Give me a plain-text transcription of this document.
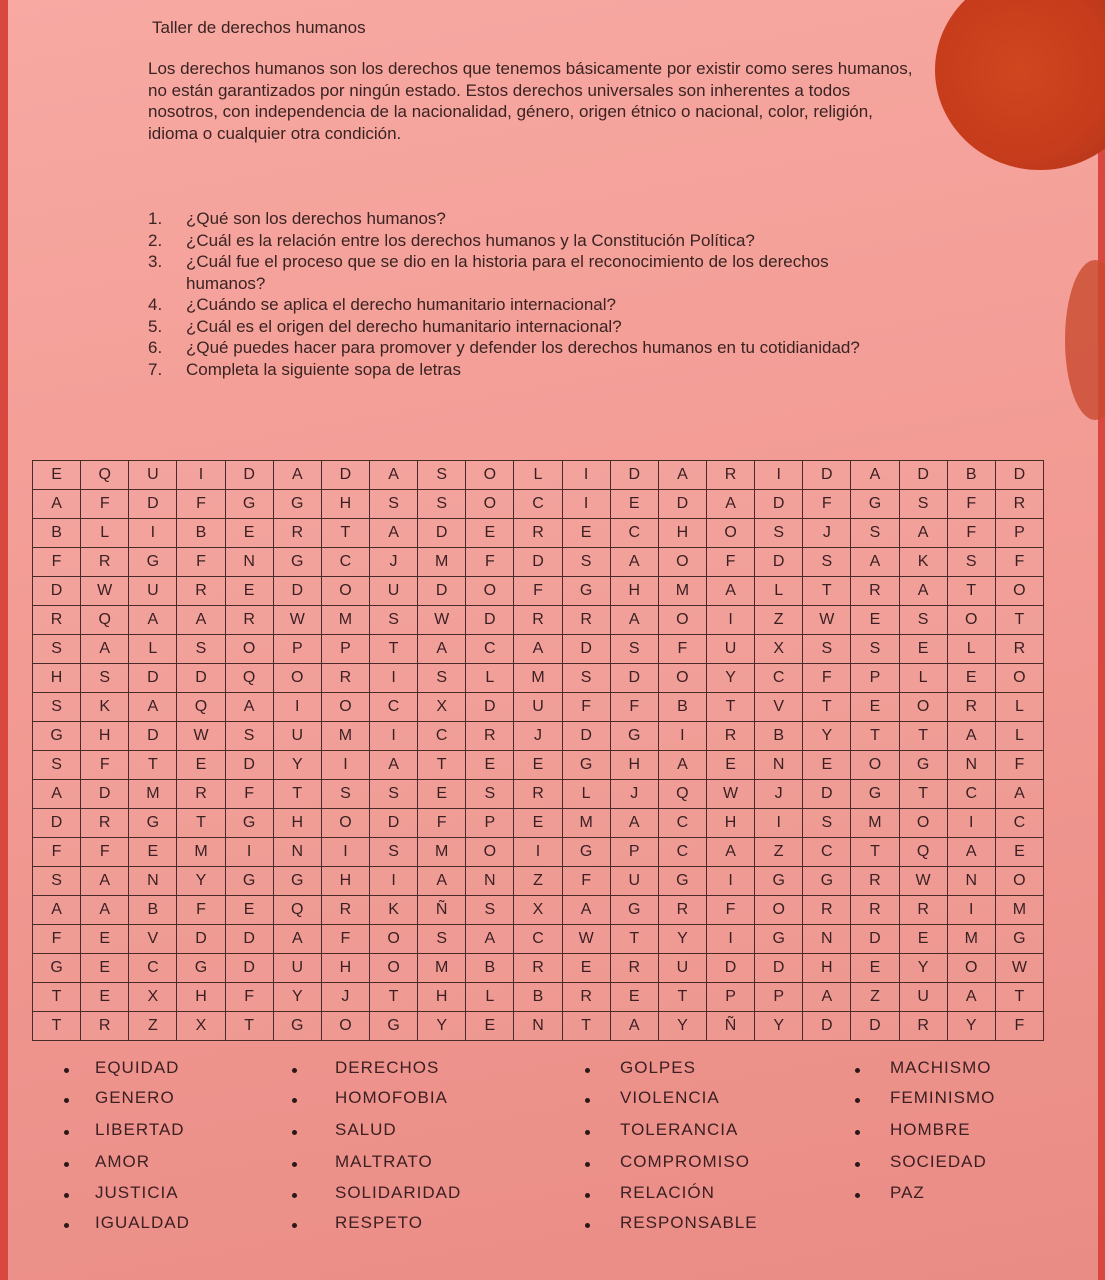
Taller de derechos humanos

Los derechos humanos son los derechos que tenemos básicamente por existir como seres humanos, no están garantizados por ningún estado. Estos derechos universales son inherentes a todos nosotros, con independencia de la nacionalidad, género, origen étnico o nacional, color, religión, idioma o cualquier otra condición.

1.	¿Qué son los derechos humanos?
2.	¿Cuál es la relación entre los derechos humanos y la Constitución Política?
3.	¿Cuál fue el proceso que se dio en la historia para el reconocimiento de los derechos humanos?
4.	¿Cuándo se aplica el derecho humanitario internacional?
5.	¿Cuál es el origen del derecho humanitario internacional?
6.	¿Qué puedes hacer para promover y defender los derechos humanos en tu cotidianidad?
7.	Completa la siguiente sopa de letras
E	Q	U	I	D	A	D	A	S	O	L	I	D	A	R	I	D	A	D	B	D
A	F	D	F	G	G	H	S	S	O	C	I	E	D	A	D	F	G	S	F	R
B	L	I	B	E	R	T	A	D	E	R	E	C	H	O	S	J	S	A	F	P
F	R	G	F	N	G	C	J	M	F	D	S	A	O	F	D	S	A	K	S	F
D	W	U	R	E	D	O	U	D	O	F	G	H	M	A	L	T	R	A	T	O
R	Q	A	A	R	W	M	S	W	D	R	R	A	O	I	Z	W	E	S	O	T
S	A	L	S	O	P	P	T	A	C	A	D	S	F	U	X	S	S	E	L	R
H	S	D	D	Q	O	R	I	S	L	M	S	D	O	Y	C	F	P	L	E	O
S	K	A	Q	A	I	O	C	X	D	U	F	F	B	T	V	T	E	O	R	L
G	H	D	W	S	U	M	I	C	R	J	D	G	I	R	B	Y	T	T	A	L
S	F	T	E	D	Y	I	A	T	E	E	G	H	A	E	N	E	O	G	N	F
A	D	M	R	F	T	S	S	E	S	R	L	J	Q	W	J	D	G	T	C	A
D	R	G	T	G	H	O	D	F	P	E	M	A	C	H	I	S	M	O	I	C
F	F	E	M	I	N	I	S	M	O	I	G	P	C	A	Z	C	T	Q	A	E
S	A	N	Y	G	G	H	I	A	N	Z	F	U	G	I	G	G	R	W	N	O
A	A	B	F	E	Q	R	K	Ñ	S	X	A	G	R	F	O	R	R	R	I	M
F	E	V	D	D	A	F	O	S	A	C	W	T	Y	I	G	N	D	E	M	G
G	E	C	G	D	U	H	O	M	B	R	E	R	U	D	D	H	E	Y	O	W
T	E	X	H	F	Y	J	T	H	L	B	R	E	T	P	P	A	Z	U	A	T
T	R	Z	X	T	G	O	G	Y	E	N	T	A	Y	Ñ	Y	D	D	R	Y	F
EQUIDAD	DERECHOS	GOLPES	MACHISMO
GENERO	HOMOFOBIA	VIOLENCIA	FEMINISMO
LIBERTAD	SALUD	TOLERANCIA	HOMBRE
AMOR	MALTRATO	COMPROMISO	SOCIEDAD
JUSTICIA	SOLIDARIDAD	RELACIÓN	PAZ
IGUALDAD	RESPETO	RESPONSABLE
